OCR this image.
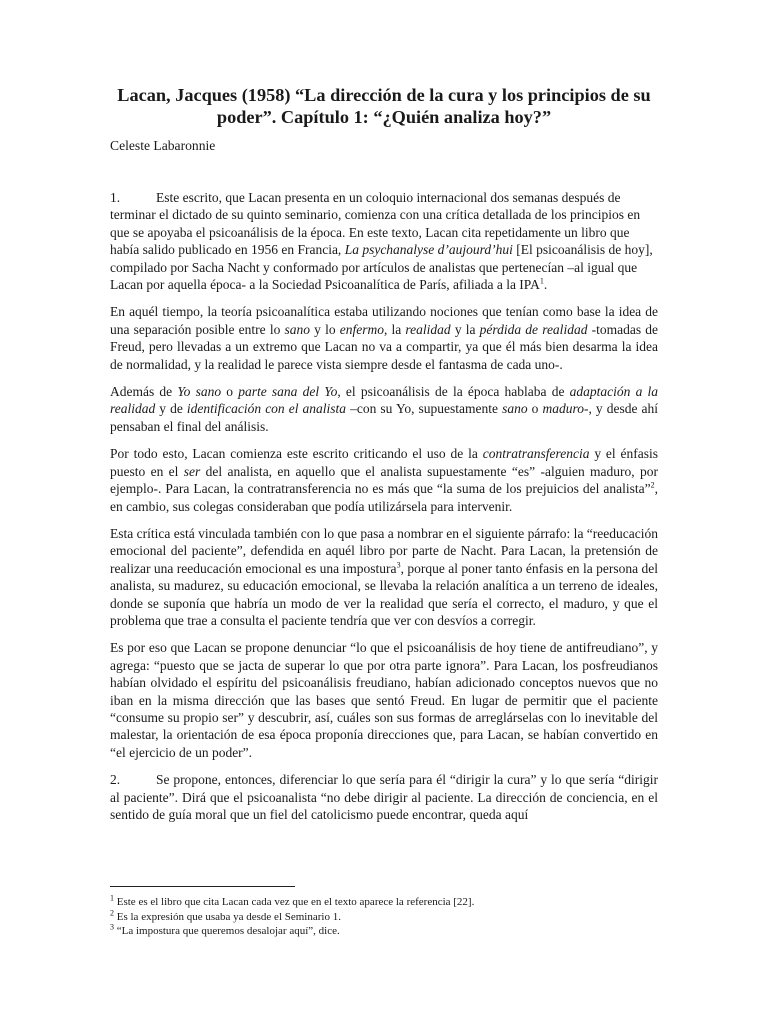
Lacan, Jacques (1958) “La dirección de la cura y los principios de su
poder”. Capítulo 1: “¿Quién analiza hoy?”

Celeste Labaronnie

1.	Este escrito, que Lacan presenta en un coloquio internacional dos semanas después de terminar el dictado de su quinto seminario, comienza con una crítica detallada de los principios en que se apoyaba el psicoanálisis de la época. En este texto, Lacan cita repetidamente un libro que había salido publicado en 1956 en Francia, La psychanalyse d’aujourd’hui [El psicoanálisis de hoy], compilado por Sacha Nacht y conformado por artículos de analistas que pertenecían –al igual que Lacan por aquella época- a la Sociedad Psicoanalítica de París, afiliada a la IPA$^1$.

En aquél tiempo, la teoría psicoanalítica estaba utilizando nociones que tenían como base la idea de una separación posible entre lo sano y lo enfermo, la realidad y la pérdida de realidad -tomadas de Freud, pero llevadas a un extremo que Lacan no va a compartir, ya que él más bien desarma la idea de normalidad, y la realidad le parece vista siempre desde el fantasma de cada uno-.

Además de Yo sano o parte sana del Yo, el psicoanálisis de la época hablaba de adaptación a la realidad y de identificación con el analista –con su Yo, supuestamente sano o maduro-, y desde ahí pensaban el final del análisis.

Por todo esto, Lacan comienza este escrito criticando el uso de la contratransferencia y el énfasis puesto en el ser del analista, en aquello que el analista supuestamente “es” -alguien maduro, por ejemplo-. Para Lacan, la contratransferencia no es más que “la suma de los prejuicios del analista”$^2$, en cambio, sus colegas consideraban que podía utilizársela para intervenir.

Esta crítica está vinculada también con lo que pasa a nombrar en el siguiente párrafo: la “reeducación emocional del paciente”, defendida en aquél libro por parte de Nacht. Para Lacan, la pretensión de realizar una reeducación emocional es una impostura$^3$, porque al poner tanto énfasis en la persona del analista, su madurez, su educación emocional, se llevaba la relación analítica a un terreno de ideales, donde se suponía que habría un modo de ver la realidad que sería el correcto, el maduro, y que el problema que trae a consulta el paciente tendría que ver con desvíos a corregir.

Es por eso que Lacan se propone denunciar “lo que el psicoanálisis de hoy tiene de antifreudiano”, y agrega: “puesto que se jacta de superar lo que por otra parte ignora”. Para Lacan, los posfreudianos habían olvidado el espíritu del psicoanálisis freudiano, habían adicionado conceptos nuevos que no iban en la misma dirección que las bases que sentó Freud. En lugar de permitir que el paciente “consume su propio ser” y descubrir, así, cuáles son sus formas de arreglárselas con lo inevitable del malestar, la orientación de esa época proponía direcciones que, para Lacan, se habían convertido en “el ejercicio de un poder”.

2.	Se propone, entonces, diferenciar lo que sería para él “dirigir la cura” y lo que sería “dirigir al paciente”. Dirá que el psicoanalista “no debe dirigir al paciente. La dirección de conciencia, en el sentido de guía moral que un fiel del catolicismo puede encontrar, queda aquí

$^1$ Este es el libro que cita Lacan cada vez que en el texto aparece la referencia [22].
$^2$ Es la expresión que usaba ya desde el Seminario 1.
$^3$ “La impostura que queremos desalojar aquí”, dice.
